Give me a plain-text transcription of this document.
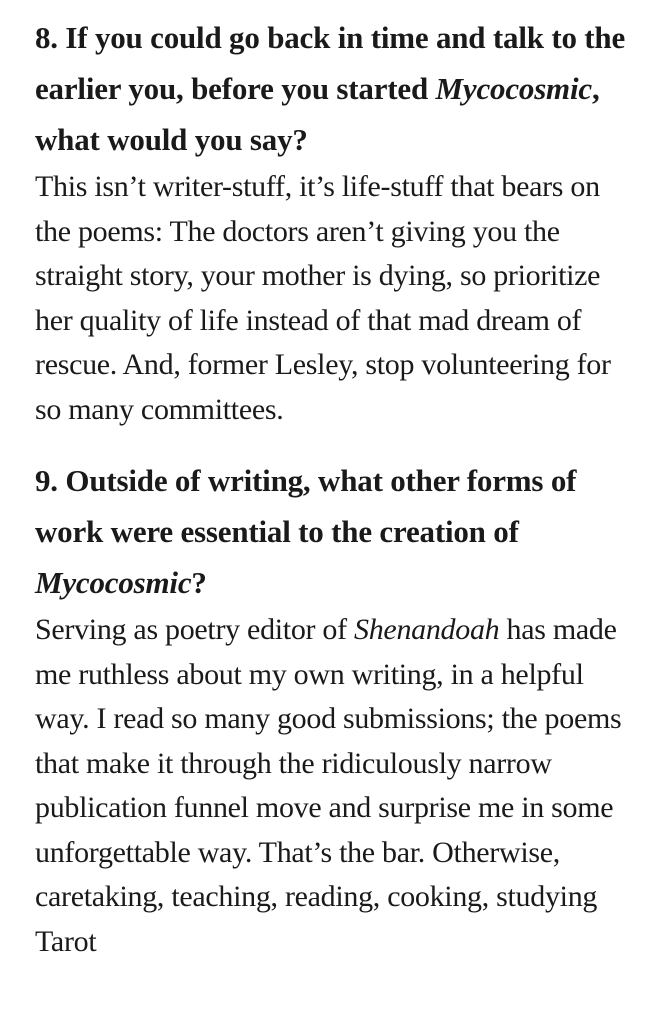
8. If you could go back in time and talk to the earlier you, before you started Mycocosmic, what would you say?

This isn’t writer-stuff, it’s life-stuff that bears on the poems: The doctors aren’t giving you the straight story, your mother is dying, so prioritize her quality of life instead of that mad dream of rescue. And, former Lesley, stop volunteering for so many committees.

9. Outside of writing, what other forms of work were essential to the creation of Mycocosmic?

Serving as poetry editor of Shenandoah has made me ruthless about my own writing, in a helpful way. I read so many good submissions; the poems that make it through the ridiculously narrow publication funnel move and surprise me in some unforgettable way. That’s the bar. Otherwise, caretaking, teaching, reading, cooking, studying Tarot
